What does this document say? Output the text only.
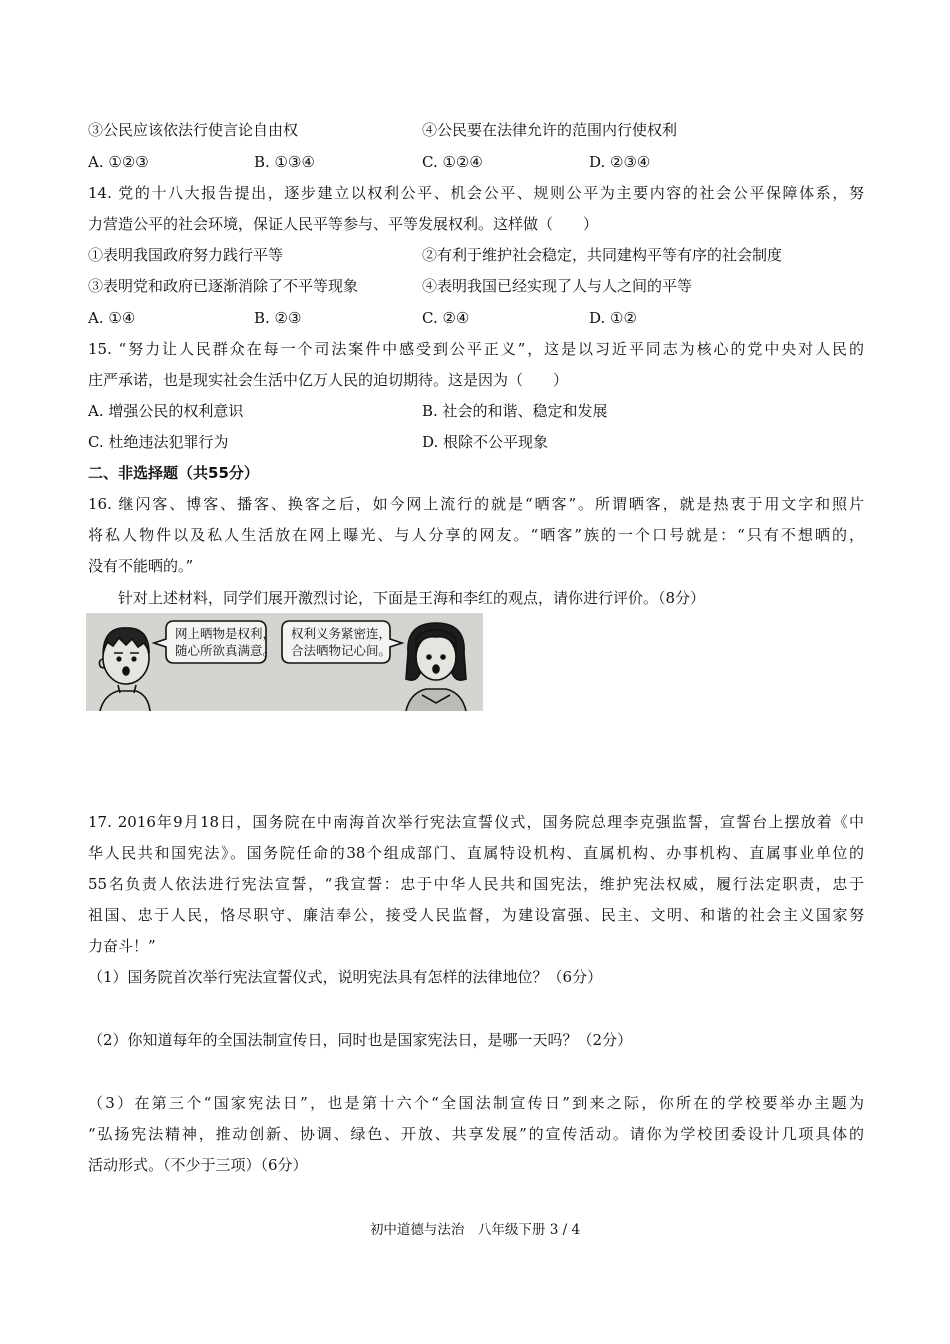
③公民应该依法行使言论自由权	④公民要在法律允许的范围内行使权利
A. ①②③	B. ①③④	C. ①②④	D. ②③④
14. 党的十八大报告提出，逐步建立以权利公平、机会公平、规则公平为主要内容的社会公平保障体系，努
力营造公平的社会环境，保证人民平等参与、平等发展权利。这样做（　　）
①表明我国政府努力践行平等	②有利于维护社会稳定，共同建构平等有序的社会制度
③表明党和政府已逐渐消除了不平等现象	④表明我国已经实现了人与人之间的平等
A. ①④	B. ②③	C. ②④	D. ①②
15. “努力让人民群众在每一个司法案件中感受到公平正义”，这是以习近平同志为核心的党中央对人民的
庄严承诺，也是现实社会生活中亿万人民的迫切期待。这是因为（　　）
A. 增强公民的权利意识	B. 社会的和谐、稳定和发展
C. 杜绝违法犯罪行为	D. 根除不公平现象
二、非选择题（共55分）
16. 继闪客、博客、播客、换客之后，如今网上流行的就是“晒客”。所谓晒客，就是热衷于用文字和照片
将私人物件以及私人生活放在网上曝光、与人分享的网友。“晒客”族的一个口号就是：“只有不想晒的，
没有不能晒的。”
针对上述材料，同学们展开激烈讨论，下面是王海和李红的观点，请你进行评价。（8分）
网上晒物是权利，
随心所欲真满意。
权利义务紧密连，
合法晒物记心间。
17. 2016年9月18日，国务院在中南海首次举行宪法宣誓仪式，国务院总理李克强监誓，宣誓台上摆放着《中
华人民共和国宪法》。国务院任命的38个组成部门、直属特设机构、直属机构、办事机构、直属事业单位的
55名负责人依法进行宪法宣誓，“我宣誓：忠于中华人民共和国宪法，维护宪法权威，履行法定职责，忠于
祖国、忠于人民，恪尽职守、廉洁奉公，接受人民监督，为建设富强、民主、文明、和谐的社会主义国家努
力奋斗！”
（1）国务院首次举行宪法宣誓仪式，说明宪法具有怎样的法律地位？（6分）
（2）你知道每年的全国法制宣传日，同时也是国家宪法日，是哪一天吗？（2分）
（3）在第三个“国家宪法日”，也是第十六个“全国法制宣传日”到来之际，你所在的学校要举办主题为
“弘扬宪法精神，推动创新、协调、绿色、开放、共享发展”的宣传活动。请你为学校团委设计几项具体的
活动形式。（不少于三项）（6分）
初中道德与法治　八年级下册 3 / 4
